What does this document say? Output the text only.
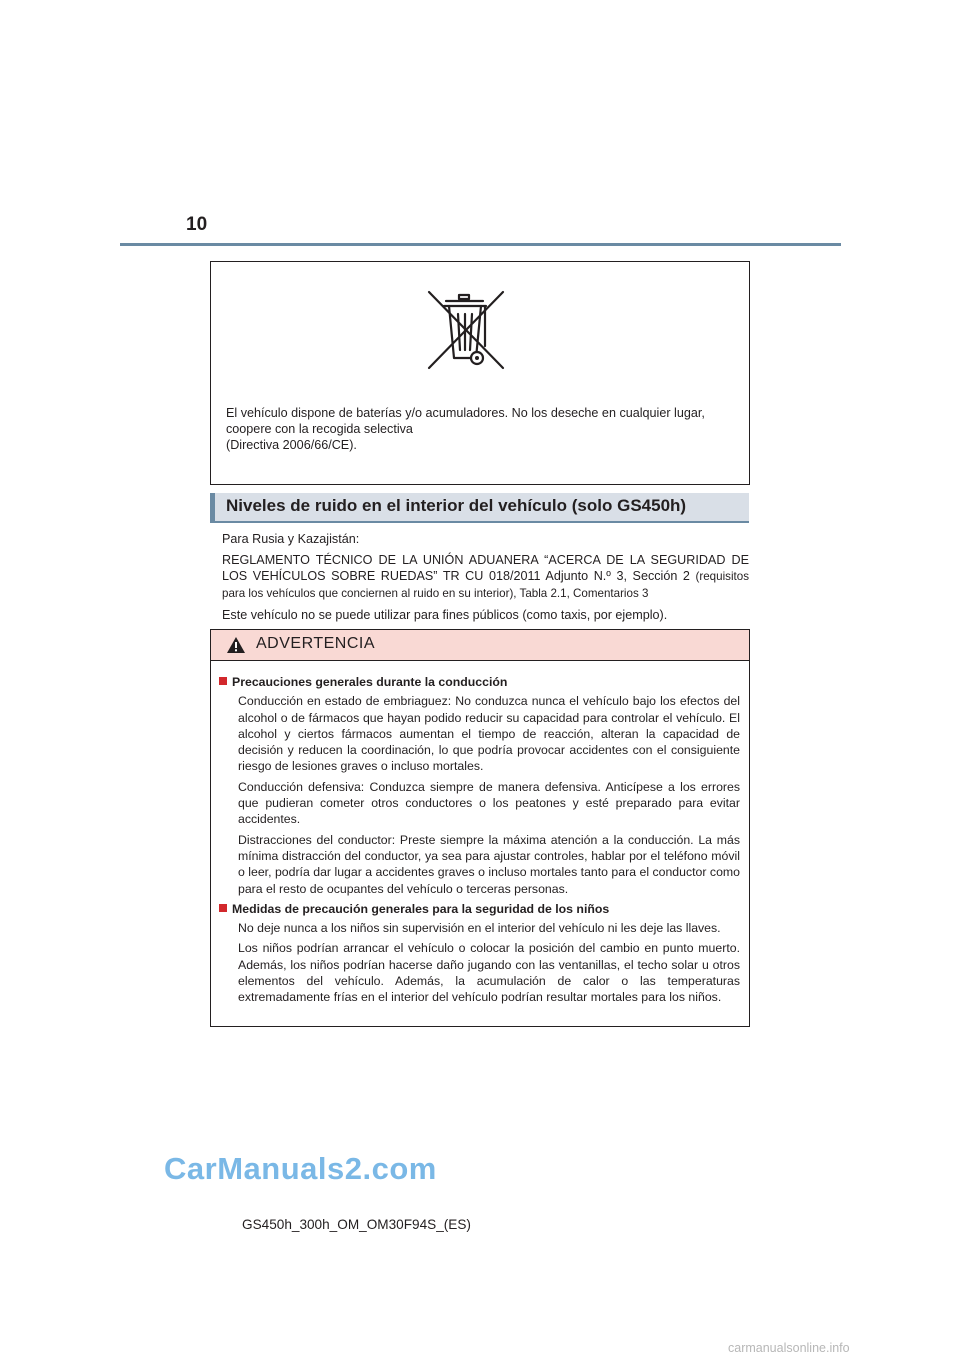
10
El vehículo dispone de baterías y/o acumuladores. No los deseche en cualquier lugar,
coopere con la recogida selectiva
(Directiva 2006/66/CE).
Niveles de ruido en el interior del vehículo (solo GS450h)

Para Rusia y Kazajistán:

REGLAMENTO TÉCNICO DE LA UNIÓN ADUANERA “ACERCA DE LA SEGURIDAD DE LOS VEHÍCULOS SOBRE RUEDAS” TR CU 018/2011 Adjunto N.º 3, Sección 2 (requisitos para los vehículos que conciernen al ruido en su interior), Tabla 2.1, Comentarios 3

Este vehículo no se puede utilizar para fines públicos (como taxis, por ejemplo).

ADVERTENCIA
Precauciones generales durante la conducción

Conducción en estado de embriaguez: No conduzca nunca el vehículo bajo los efectos del alcohol o de fármacos que hayan podido reducir su capacidad para controlar el vehículo. El alcohol y ciertos fármacos aumentan el tiempo de reacción, alteran la capacidad de decisión y reducen la coordinación, lo que podría provocar accidentes con el consiguiente riesgo de lesiones graves o incluso mortales.

Conducción defensiva: Conduzca siempre de manera defensiva. Anticípese a los errores que pudieran cometer otros conductores o los peatones y esté preparado para evitar accidentes.

Distracciones del conductor: Preste siempre la máxima atención a la conducción. La más mínima distracción del conductor, ya sea para ajustar controles, hablar por el teléfono móvil o leer, podría dar lugar a accidentes graves o incluso mortales tanto para el conductor como para el resto de ocupantes del vehículo o terceras personas.

Medidas de precaución generales para la seguridad de los niños

No deje nunca a los niños sin supervisión en el interior del vehículo ni les deje las llaves.

Los niños podrían arrancar el vehículo o colocar la posición del cambio en punto muerto. Además, los niños podrían hacerse daño jugando con las ventanillas, el techo solar u otros elementos del vehículo. Además, la acumulación de calor o las temperaturas extremadamente frías en el interior del vehículo podrían resultar mortales para los niños.

CarManuals2.com
GS450h_300h_OM_OM30F94S_(ES)
carmanualsonline.info
